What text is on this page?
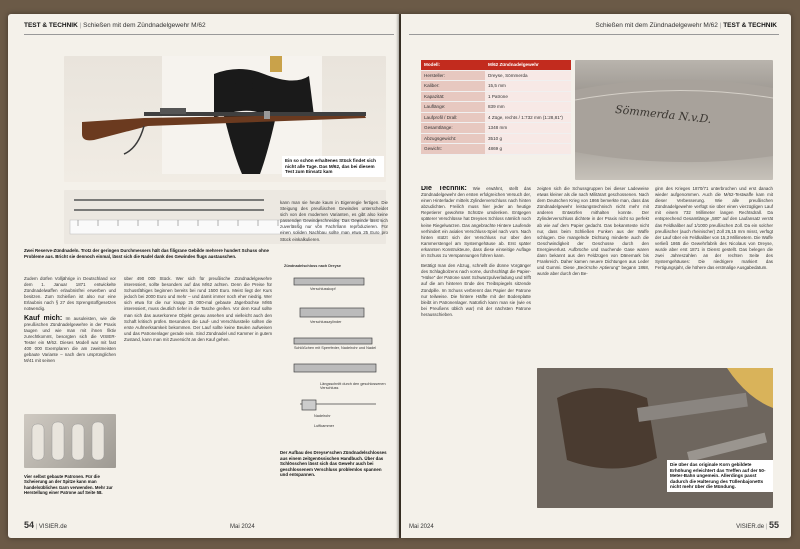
TEST & TECHNIK | Schießen mit dem Zündnadelgewehr M/62
Ein so schön erhaltenes Stück findet sich nicht alle Tage. Das M/62, das bei diesem Test zum Einsatz kam
Zwei Reserve-Zündnadeln. Trotz der geringen Durchmessers hält das filigrane Gebilde mehrere hundert Schuss ohne Probleme aus. Bricht sie dennoch einmal, lässt sich die Nadel dank des Gewindes flugs austauschen.
Zudem dürfen Volljährige in Deutschland vor dem 1. Januar 1871 entwickelte Zündnadelwaffen erlaubnisfrei erwerben und besitzen. Zum Schießen ist also nur eine Erlaubnis nach § 27 des Sprengstoffgesetzes notwendig.
Kauf mich: Im ausuleisten, wie die preußischen Zündnadelgewehre in der Praxis taugen und wie man mit ihnen fiktiv zurechtkommt, besorgten sich die VISIER-Tester ein M/62. Dieses Modell war mit fast 400 000 Exemplaren die am zweitmeisten gebaute Variante – nach dem ursprünglichen M/41 mit seinen
Vier selbst gebaute Patronen. Für die Scheierung an der Spitze kann man handelsübliches Garn verwenden. Mehr zur Herstellung einer Patrone auf Seite 58.
über 490 000 Stück. Wer sich für preußische Zündnadelgewehre interessiert, sollte besonders auf das M/62 achten. Denn die Preise für Schussfähiges beginnen bereits bei rund 1500 Euro. Meist liegt der Kurs jedoch bei 2000 Euro und mehr – und damit immer noch eher niedrig. Wer sich etwa für die nur knapp 25 000-mal gebaute Jägerbüchse M/65 interessiert, muss deutlich tiefer in die Tasche greifen. Vor dem Kauf sollte man sich das auserkorene Objekt genau ansehen und vielleicht auch den Schaft kritisch prüfen. Besonders die Lauf- und Verschlussteile sollten die erste Aufmerksamkeit bekommen. Der Lauf sollte keine Beulen aufweisen und das Patronenlager gerade sein. Sind Zündnadel und Kammer in gutem Zustand, kann man mit Zuversicht an den Kauf gehen.
kann man sie heute kaum in Eigenregie fertigen. Die Steigung des preußischen Gewindes unterscheidet sich von den modernen Varianten, es gibt also keine passenden Gewindeschneider. Das Gewinde lässt sich zuverlässig nur von Fachmann reproduzieren. Für einen soliden Nachbau sollte man etwa 25 Euro pro Stück einkalkulieren.
Zündnadelschloss nach Dreyse
Verschlusskopf
Verschlusszylinder
Schlößchen mit Sperrfeder, Nadelrohr und Nadel
Längsschnitt durch den geschlossenen Verschluss
Nadelrohr
Luftkammer
Der Aufbau des Dreyse'schen Zündnadelschlosses aus einem zeitgenössischen Handbuch. Über das Schlösschen lässt sich das Gewehr auch bei geschlossenem Verschluss problemlos spannen und entspannen.
54 | VISIER.de	Mai 2024
Schießen mit dem Zündnadelgewehr M/62 | TEST & TECHNIK
Modell:	M/62 Zündnadelgewehr
Hersteller:	Dreyse, Sömmerda
Kaliber:	15,5 mm
Kapazität:	1 Patrone
Lauflänge:	839 mm
Laufprofil / Drall:	4 Züge, rechts / 1:732 mm (1:28,81")
Gesamtlänge:	1348 mm
Abzugsgewicht:	3510 g
Gewicht:	4869 g
Sömmerda N.v.D.
Die Technik: Wie erwähnt, stellt das Zündnadelgewehr den ersten erfolgreichen Versuch der, einen Hinterlader mittels Zylinderverschluss nach hinten abzudichten. Freilich muss hier jeder an heutige Repetierer gewohnte Schütze umdenken. Entgegen späterer Verschlüsse hat Dreyses Schloss nämlich noch keine Riegelwarzen. Das angebrachte Hintere Laufende verhindert ein axiales Verschluss-Spiel nach vorn. Nach hinten stützt sich der Verschluss nur über den Kammerstengel am Systemgehäuse ab. Erst später erkannten Konstrukteure, dass diese einseitige Auflage im Schuss zu Verspannungen führen kann.
Betätigt man den Abzug, schnellt die dünne Vorgänger des Schlagbolzens nach vorne, durchschlägt die Papier-"Hülse" der Patrone samt Schwarzpulverladung und trifft auf die am hinteren Ende des Treibspiegels sitzende Zündpille. Im Schuss verbrennt das Papier der Patrone nur teilweise. Die hintere Hälfte mit der Bodenplatte bleibt im Patronenlager. Natürlich kann man sie (wie es bei Preußens üblich war) mit der nächsten Patrone herausschieben.
zeigten sich die Schussgruppen bei dieser Ladeweise etwas kleiner als die nach Militärart geschossenen. Nach dem Deutschen Krieg von 1866 bemerkte man, dass das Zündnadelgewehr leistungstechnisch nicht mehr mit anderen Entwürfen mithalten konnte. Der Zylinderverschluss dichtete in der Praxis nicht so perfekt ab wie auf dem Papier gedacht. Das bekannteste nicht nur, dass beim Schließen Funken aus der Waffe schlugen. Die mangelnde Dichtung minderte auch die Geschwindigkeit der Geschosse durch den Energieverlust. Aufbrüche und rauchende Gase waren dann bekannt aus den Feldzügen von Dänemark bis Frankreich. Daher kamen neuere Dichtungen aus Leder und Gummi. Diese „Beck'sche Aptierung" begann 1868, wurde aber durch den Be-
ginn des Krieges 1870/71 unterbrochen und erst danach wieder aufgenommen. Auch die M/62-Testwaffe kam mit dieser Verbesserung. Wie alle preußischen Zündnadelgewehre verfügt sie über einen vierzügligen Lauf mit einem 732 Millimeter langen Rechtsdrall. Da entsprechend Gesamtlänge „580" auf den Laufansatz verrät das Feldkaliber auf 1/1000 preußischen Zoll. Da ein solcher preußischer (auch rheinischer) Zoll 26,15 mm misst, verfügt der Lauf über ein Feldkaliber von 15,3 Millimetern. Die Waffe verließ 1865 die Gewehrfabrik des Nicolaus von Dreyse, wurde aber erst 1871 in Dienst gestellt. Das belegen die zwei Jahreszahlen an der rechten Seite des Systemgehäuses: Die niedrigere markiert das Fertigungsjahr, die höhere das erstmalige Ausgabedatum.
Die über das originale Korn gebildete Erhöhung erleichtert das Treffen auf der 50-Meter-Bahn ungemein. Allerdings passt dadurch die Halterung des Tüllenbajonetts nicht mehr über die Mündung.
Mai 2024	VISIER.de | 55
